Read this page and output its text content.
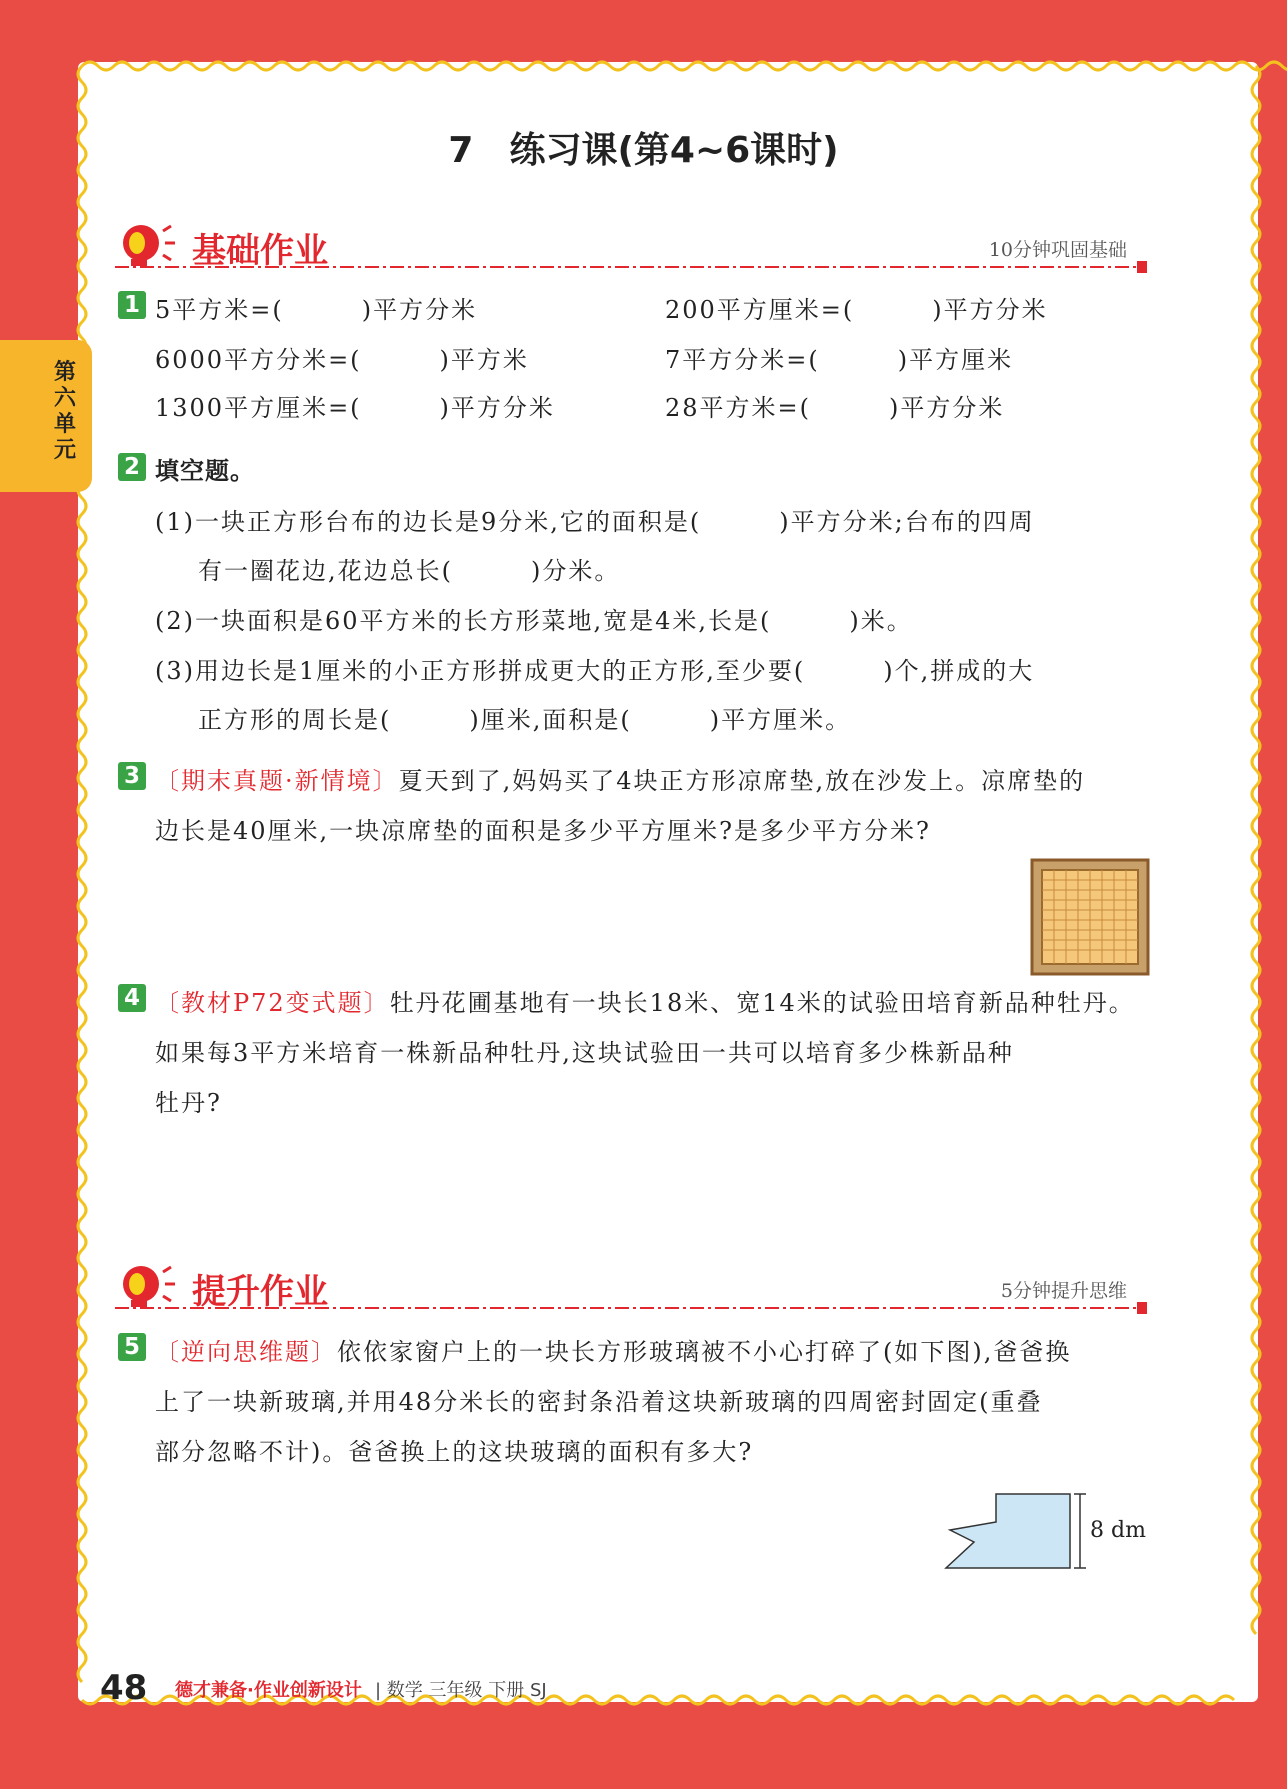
第六单元
7　练习课(第4~6课时)
基础作业	10分钟巩固基础
1 5平方米=(　　　)平方分米	200平方厘米=(　　　)平方分米
6000平方分米=(　　　)平方米	7平方分米=(　　　)平方厘米
1300平方厘米=(　　　)平方分米	28平方米=(　　　)平方分米
2 填空题。
(1)一块正方形台布的边长是9分米,它的面积是(　　　)平方分米;台布的四周
有一圈花边,花边总长(　　　)分米。
(2)一块面积是60平方米的长方形菜地,宽是4米,长是(　　　)米。
(3)用边长是1厘米的小正方形拼成更大的正方形,至少要(　　　)个,拼成的大
正方形的周长是(　　　)厘米,面积是(　　　)平方厘米。
3 〔期末真题·新情境〕夏天到了,妈妈买了4块正方形凉席垫,放在沙发上。凉席垫的
边长是40厘米,一块凉席垫的面积是多少平方厘米?是多少平方分米?
4 〔教材P72变式题〕牡丹花圃基地有一块长18米、宽14米的试验田培育新品种牡丹。
如果每3平方米培育一株新品种牡丹,这块试验田一共可以培育多少株新品种
牡丹?
提升作业	5分钟提升思维
5 〔逆向思维题〕依依家窗户上的一块长方形玻璃被不小心打碎了(如下图),爸爸换
上了一块新玻璃,并用48分米长的密封条沿着这块新玻璃的四周密封固定(重叠
部分忽略不计)。爸爸换上的这块玻璃的面积有多大?
8 dm
48 德才兼备·作业创新设计 | 数学 三年级 下册 SJ
